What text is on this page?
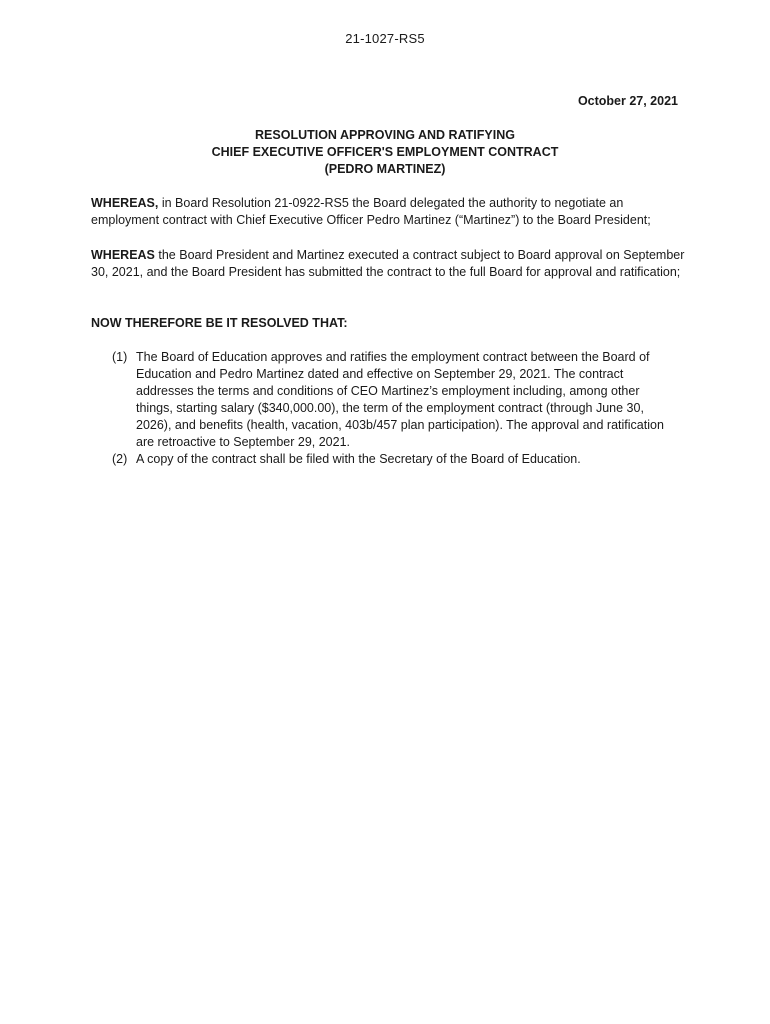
21-1027-RS5
October 27, 2021
RESOLUTION APPROVING AND RATIFYING
CHIEF EXECUTIVE OFFICER'S EMPLOYMENT CONTRACT
(PEDRO MARTINEZ)
WHEREAS, in Board Resolution 21-0922-RS5 the Board delegated the authority to negotiate an employment contract with Chief Executive Officer Pedro Martinez (“Martinez”) to the Board President;
WHEREAS the Board President and Martinez executed a contract subject to Board approval on September 30, 2021, and the Board President has submitted the contract to the full Board for approval and ratification;
NOW THEREFORE BE IT RESOLVED THAT:
(1) The Board of Education approves and ratifies the employment contract between the Board of Education and Pedro Martinez dated and effective on September 29, 2021. The contract addresses the terms and conditions of CEO Martinez’s employment including, among other things, starting salary ($340,000.00), the term of the employment contract (through June 30, 2026), and benefits (health, vacation, 403b/457 plan participation). The approval and ratification are retroactive to September 29, 2021.
(2) A copy of the contract shall be filed with the Secretary of the Board of Education.
